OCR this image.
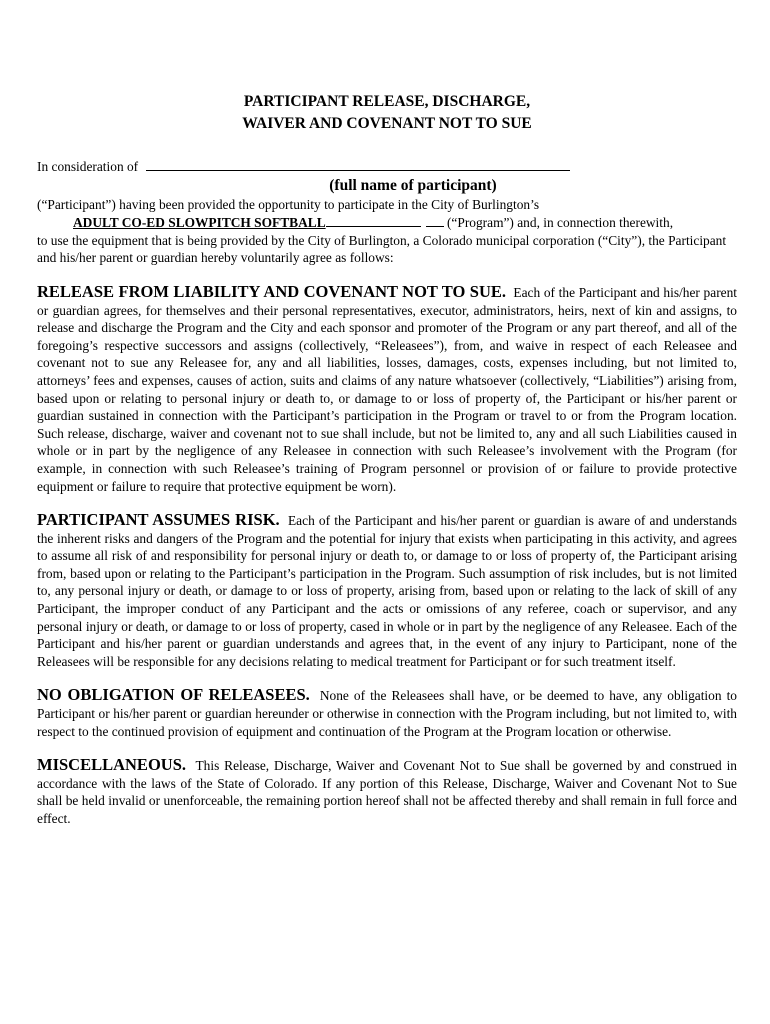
PARTICIPANT RELEASE, DISCHARGE,
WAIVER AND COVENANT NOT TO SUE
In consideration of
(full name of participant)
(“Participant”) having been provided the opportunity to participate in the City of Burlington’s
ADULT CO-ED SLOWPITCH SOFTBALL	(“Program”) and, in connection therewith,
to use the equipment that is being provided by the City of Burlington, a Colorado municipal corporation (“City”), the Participant and his/her parent or guardian hereby voluntarily agree as follows:
RELEASE FROM LIABILITY AND COVENANT NOT TO SUE. Each of the Participant and his/her parent or guardian agrees, for themselves and their personal representatives, executor, administrators, heirs, next of kin and assigns, to release and discharge the Program and the City and each sponsor and promoter of the Program or any part thereof, and all of the foregoing’s respective successors and assigns (collectively, “Releasees”), from, and waive in respect of each Releasee and covenant not to sue any Releasee for, any and all liabilities, losses, damages, costs, expenses including, but not limited to, attorneys’ fees and expenses, causes of action, suits and claims of any nature whatsoever (collectively, “Liabilities”) arising from, based upon or relating to personal injury or death to, or damage to or loss of property of, the Participant or his/her parent or guardian sustained in connection with the Participant’s participation in the Program or travel to or from the Program location. Such release, discharge, waiver and covenant not to sue shall include, but not be limited to, any and all such Liabilities caused in whole or in part by the negligence of any Releasee in connection with such Releasee’s involvement with the Program (for example, in connection with such Releasee’s training of Program personnel or provision of or failure to provide protective equipment or failure to require that protective equipment be worn).
PARTICIPANT ASSUMES RISK. Each of the Participant and his/her parent or guardian is aware of and understands the inherent risks and dangers of the Program and the potential for injury that exists when participating in this activity, and agrees to assume all risk of and responsibility for personal injury or death to, or damage to or loss of property of, the Participant arising from, based upon or relating to the Participant’s participation in the Program. Such assumption of risk includes, but is not limited to, any personal injury or death, or damage to or loss of property, arising from, based upon or relating to the lack of skill of any Participant, the improper conduct of any Participant and the acts or omissions of any referee, coach or supervisor, and any personal injury or death, or damage to or loss of property, cased in whole or in part by the negligence of any Releasee. Each of the Participant and his/her parent or guardian understands and agrees that, in the event of any injury to Participant, none of the Releasees will be responsible for any decisions relating to medical treatment for Participant or for such treatment itself.
NO OBLIGATION OF RELEASEES. None of the Releasees shall have, or be deemed to have, any obligation to Participant or his/her parent or guardian hereunder or otherwise in connection with the Program including, but not limited to, with respect to the continued provision of equipment and continuation of the Program at the Program location or otherwise.
MISCELLANEOUS. This Release, Discharge, Waiver and Covenant Not to Sue shall be governed by and construed in accordance with the laws of the State of Colorado. If any portion of this Release, Discharge, Waiver and Covenant Not to Sue shall be held invalid or unenforceable, the remaining portion hereof shall not be affected thereby and shall remain in full force and effect.
